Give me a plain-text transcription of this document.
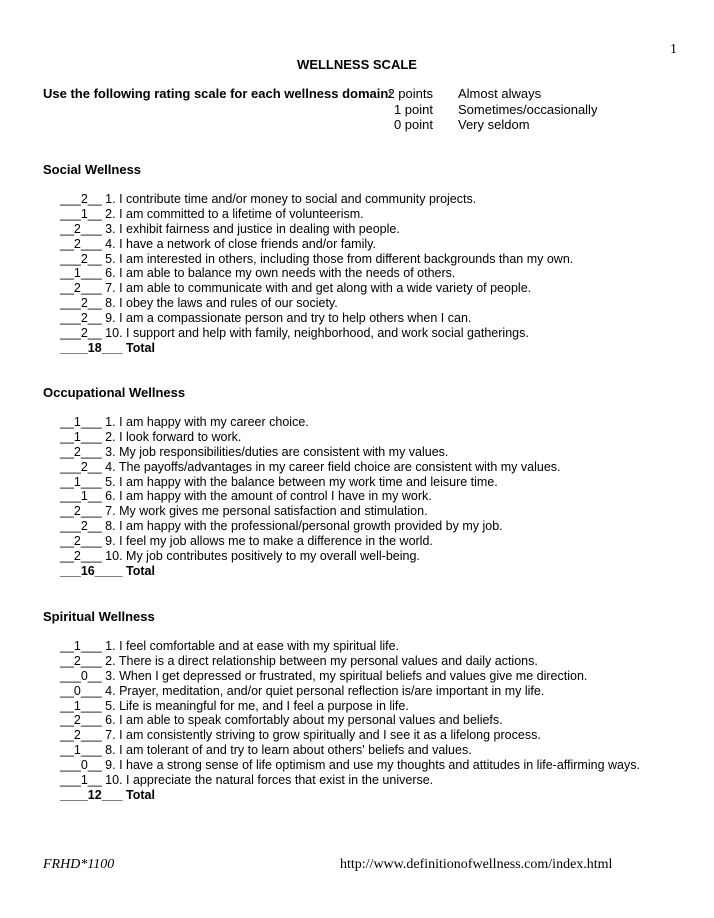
1
WELLNESS SCALE
Use the following rating scale for each wellness domain:
2 points Almost always
1 point Sometimes/occasionally
0 point Very seldom
Social Wellness
___2__ 1. I contribute time and/or money to social and community projects.
___1__ 2. I am committed to a lifetime of volunteerism.
__2___ 3. I exhibit fairness and justice in dealing with people.
__2___ 4. I have a network of close friends and/or family.
___2__ 5. I am interested in others, including those from different backgrounds than my own.
__1___ 6. I am able to balance my own needs with the needs of others.
__2___ 7. I am able to communicate with and get along with a wide variety of people.
___2__ 8. I obey the laws and rules of our society.
___2__ 9. I am a compassionate person and try to help others when I can.
___2__ 10. I support and help with family, neighborhood, and work social gatherings.
____18___ Total
Occupational Wellness
__1___ 1. I am happy with my career choice.
__1___ 2. I look forward to work.
__2___ 3. My job responsibilities/duties are consistent with my values.
___2__ 4. The payoffs/advantages in my career field choice are consistent with my values.
__1___ 5. I am happy with the balance between my work time and leisure time.
___1__ 6. I am happy with the amount of control I have in my work.
__2___ 7. My work gives me personal satisfaction and stimulation.
___2__ 8. I am happy with the professional/personal growth provided by my job.
__2___ 9. I feel my job allows me to make a difference in the world.
__2___ 10. My job contributes positively to my overall well-being.
___16____ Total
Spiritual Wellness
__1___ 1. I feel comfortable and at ease with my spiritual life.
__2___ 2. There is a direct relationship between my personal values and daily actions.
___0__ 3. When I get depressed or frustrated, my spiritual beliefs and values give me direction.
__0___ 4. Prayer, meditation, and/or quiet personal reflection is/are important in my life.
__1___ 5. Life is meaningful for me, and I feel a purpose in life.
__2___ 6. I am able to speak comfortably about my personal values and beliefs.
__2___ 7. I am consistently striving to grow spiritually and I see it as a lifelong process.
__1___ 8. I am tolerant of and try to learn about others' beliefs and values.
___0__ 9. I have a strong sense of life optimism and use my thoughts and attitudes in life-affirming ways.
___1__ 10. I appreciate the natural forces that exist in the universe.
____12___ Total
FRHD*1100	http://www.definitionofwellness.com/index.html
